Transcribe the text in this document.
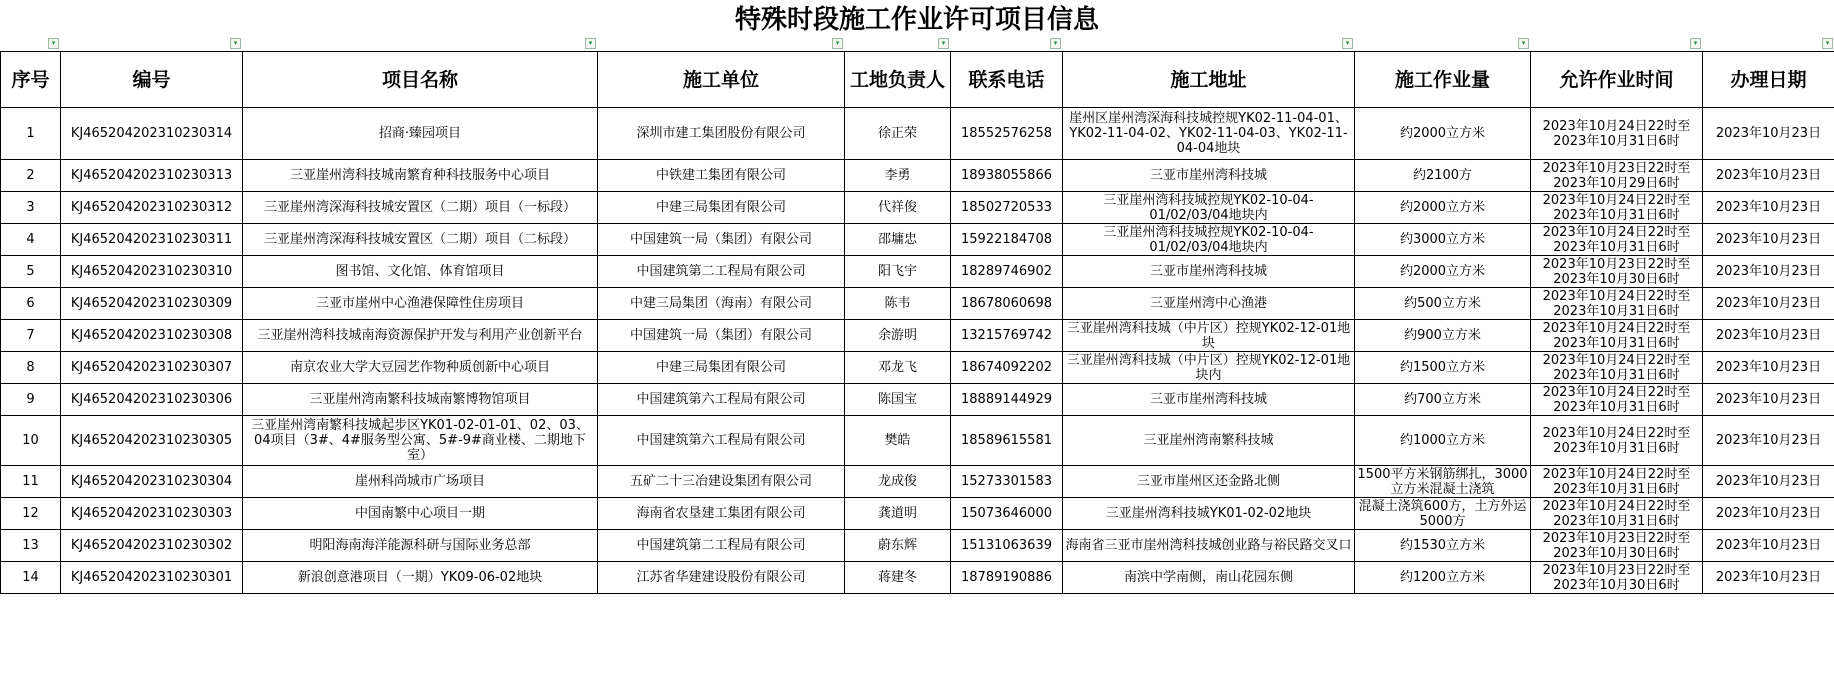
特殊时段施工作业许可项目信息
▾	▾	▾	▾	▾	▾	▾	▾	▾	▾
序号	编号	项目名称	施工单位	工地负责人	联系电话	施工地址	施工作业量	允许作业时间	办理日期
1	KJ465204202310230314	招商·臻园项目	深圳市建工集团股份有限公司	徐正荣	18552576258	崖州区崖州湾深海科技城控规YK02-11-04-01、YK02-11-04-02、YK02-11-04-03、YK02-11-04-04地块	约2000立方米	2023年10月24日22时至2023年10月31日6时	2023年10月23日
2	KJ465204202310230313	三亚崖州湾科技城南繁育种科技服务中心项目	中铁建工集团有限公司	李勇	18938055866	三亚市崖州湾科技城	约2100方	2023年10月23日22时至2023年10月29日6时	2023年10月23日
3	KJ465204202310230312	三亚崖州湾深海科技城安置区（二期）项目（一标段）	中建三局集团有限公司	代祥俊	18502720533	三亚崖州湾科技城控规YK02-10-04-01/02/03/04地块内	约2000立方米	2023年10月24日22时至2023年10月31日6时	2023年10月23日
4	KJ465204202310230311	三亚崖州湾深海科技城安置区（二期）项目（二标段）	中国建筑一局（集团）有限公司	邵墉忠	15922184708	三亚崖州湾科技城控规YK02-10-04-01/02/03/04地块内	约3000立方米	2023年10月24日22时至2023年10月31日6时	2023年10月23日
5	KJ465204202310230310	图书馆、文化馆、体育馆项目	中国建筑第二工程局有限公司	阳飞宇	18289746902	三亚市崖州湾科技城	约2000立方米	2023年10月23日22时至2023年10月30日6时	2023年10月23日
6	KJ465204202310230309	三亚市崖州中心渔港保障性住房项目	中建三局集团（海南）有限公司	陈韦	18678060698	三亚崖州湾中心渔港	约500立方米	2023年10月24日22时至2023年10月31日6时	2023年10月23日
7	KJ465204202310230308	三亚崖州湾科技城南海资源保护开发与利用产业创新平台	中国建筑一局（集团）有限公司	余游明	13215769742	三亚崖州湾科技城（中片区）控规YK02-12-01地块	约900立方米	2023年10月24日22时至2023年10月31日6时	2023年10月23日
8	KJ465204202310230307	南京农业大学大豆园艺作物种质创新中心项目	中建三局集团有限公司	邓龙飞	18674092202	三亚崖州湾科技城（中片区）控规YK02-12-01地块内	约1500立方米	2023年10月24日22时至2023年10月31日6时	2023年10月23日
9	KJ465204202310230306	三亚崖州湾南繁科技城南繁博物馆项目	中国建筑第六工程局有限公司	陈国宝	18889144929	三亚市崖州湾科技城	约700立方米	2023年10月24日22时至2023年10月31日6时	2023年10月23日
10	KJ465204202310230305	三亚崖州湾南繁科技城起步区YK01-02-01-01、02、03、04项目（3#、4#服务型公寓、5#-9#商业楼、二期地下室）	中国建筑第六工程局有限公司	樊皓	18589615581	三亚崖州湾南繁科技城	约1000立方米	2023年10月24日22时至2023年10月31日6时	2023年10月23日
11	KJ465204202310230304	崖州科尚城市广场项目	五矿二十三冶建设集团有限公司	龙成俊	15273301583	三亚市崖州区还金路北侧	1500平方米钢筋绑扎，3000立方米混凝土浇筑	2023年10月24日22时至2023年10月31日6时	2023年10月23日
12	KJ465204202310230303	中国南繁中心项目一期	海南省农垦建工集团有限公司	龚道明	15073646000	三亚崖州湾科技城YK01-02-02地块	混凝土浇筑600方，土方外运5000方	2023年10月24日22时至2023年10月31日6时	2023年10月23日
13	KJ465204202310230302	明阳海南海洋能源科研与国际业务总部	中国建筑第二工程局有限公司	蔚东辉	15131063639	海南省三亚市崖州湾科技城创业路与裕民路交叉口	约1530立方米	2023年10月23日22时至2023年10月30日6时	2023年10月23日
14	KJ465204202310230301	新浪创意港项目（一期）YK09-06-02地块	江苏省华建建设股份有限公司	蒋建冬	18789190886	南滨中学南侧，南山花园东侧	约1200立方米	2023年10月23日22时至2023年10月30日6时	2023年10月23日
